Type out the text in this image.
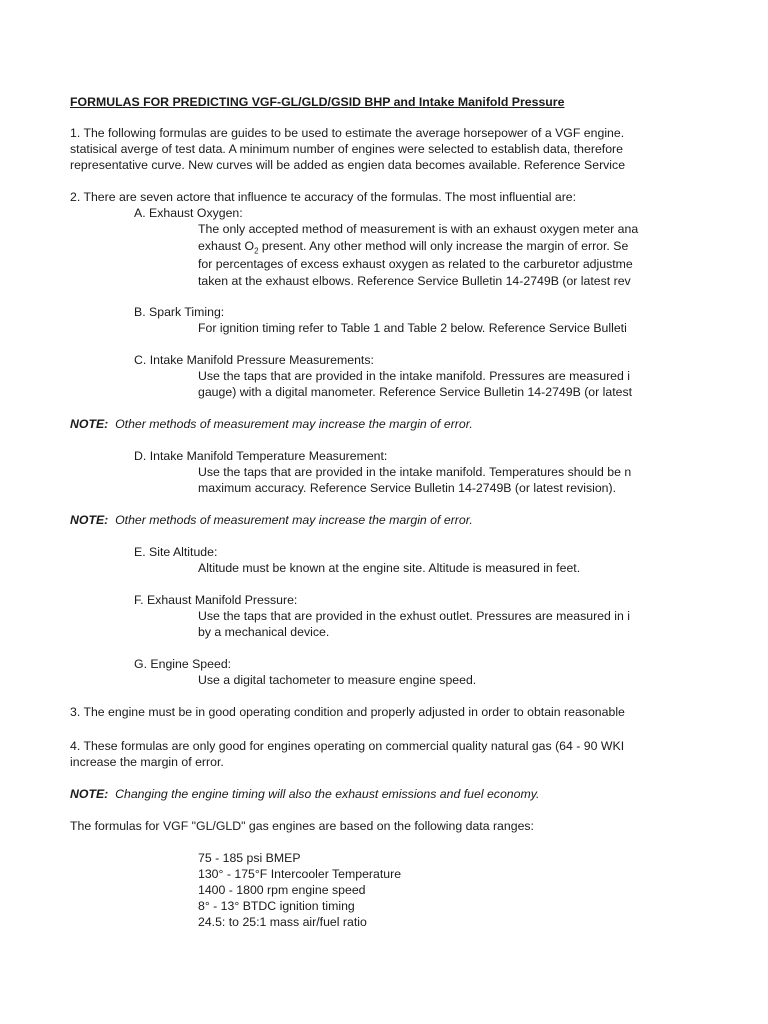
FORMULAS FOR PREDICTING VGF-GL/GLD/GSID BHP and Intake Manifold Pressure
1. The following formulas are guides to be used to estimate the average horsepower of a VGF engine.
statisical averge of test data. A minimum number of engines were selected to establish data, therefore
representative curve. New curves will be added as engien data becomes available. Reference Service
2. There are seven actore that influence te accuracy of the formulas. The most influential are:
A. Exhaust Oxygen:
The only accepted method of measurement is with an exhaust oxygen meter ana
exhaust $O_2$ present. Any other method will only increase the margin of error. Se
for percentages of excess exhaust oxygen as related to the carburetor adjustme
taken at the exhaust elbows. Reference Service Bulletin 14-2749B (or latest rev
B. Spark Timing:
For ignition timing refer to Table 1 and Table 2 below. Reference Service Bulleti
C. Intake Manifold Pressure Measurements:
Use the taps that are provided in the intake manifold. Pressures are measured i
gauge) with a digital manometer. Reference Service Bulletin 14-2749B (or latest
NOTE: Other methods of measurement may increase the margin of error.
D. Intake Manifold Temperature Measurement:
Use the taps that are provided in the intake manifold. Temperatures should be n
maximum accuracy. Reference Service Bulletin 14-2749B (or latest revision).
NOTE: Other methods of measurement may increase the margin of error.
E. Site Altitude:
Altitude must be known at the engine site. Altitude is measured in feet.
F. Exhaust Manifold Pressure:
Use the taps that are provided in the exhust outlet. Pressures are measured in i
by a mechanical device.
G. Engine Speed:
Use a digital tachometer to measure engine speed.
3. The engine must be in good operating condition and properly adjusted in order to obtain reasonable
4. These formulas are only good for engines operating on commercial quality natural gas (64 - 90 WKI
increase the margin of error.
NOTE: Changing the engine timing will also the exhaust emissions and fuel economy.
The formulas for VGF "GL/GLD" gas engines are based on the following data ranges:
75 - 185 psi BMEP
130° - 175°F Intercooler Temperature
1400 - 1800 rpm engine speed
8° - 13° BTDC ignition timing
24.5: to 25:1 mass air/fuel ratio
